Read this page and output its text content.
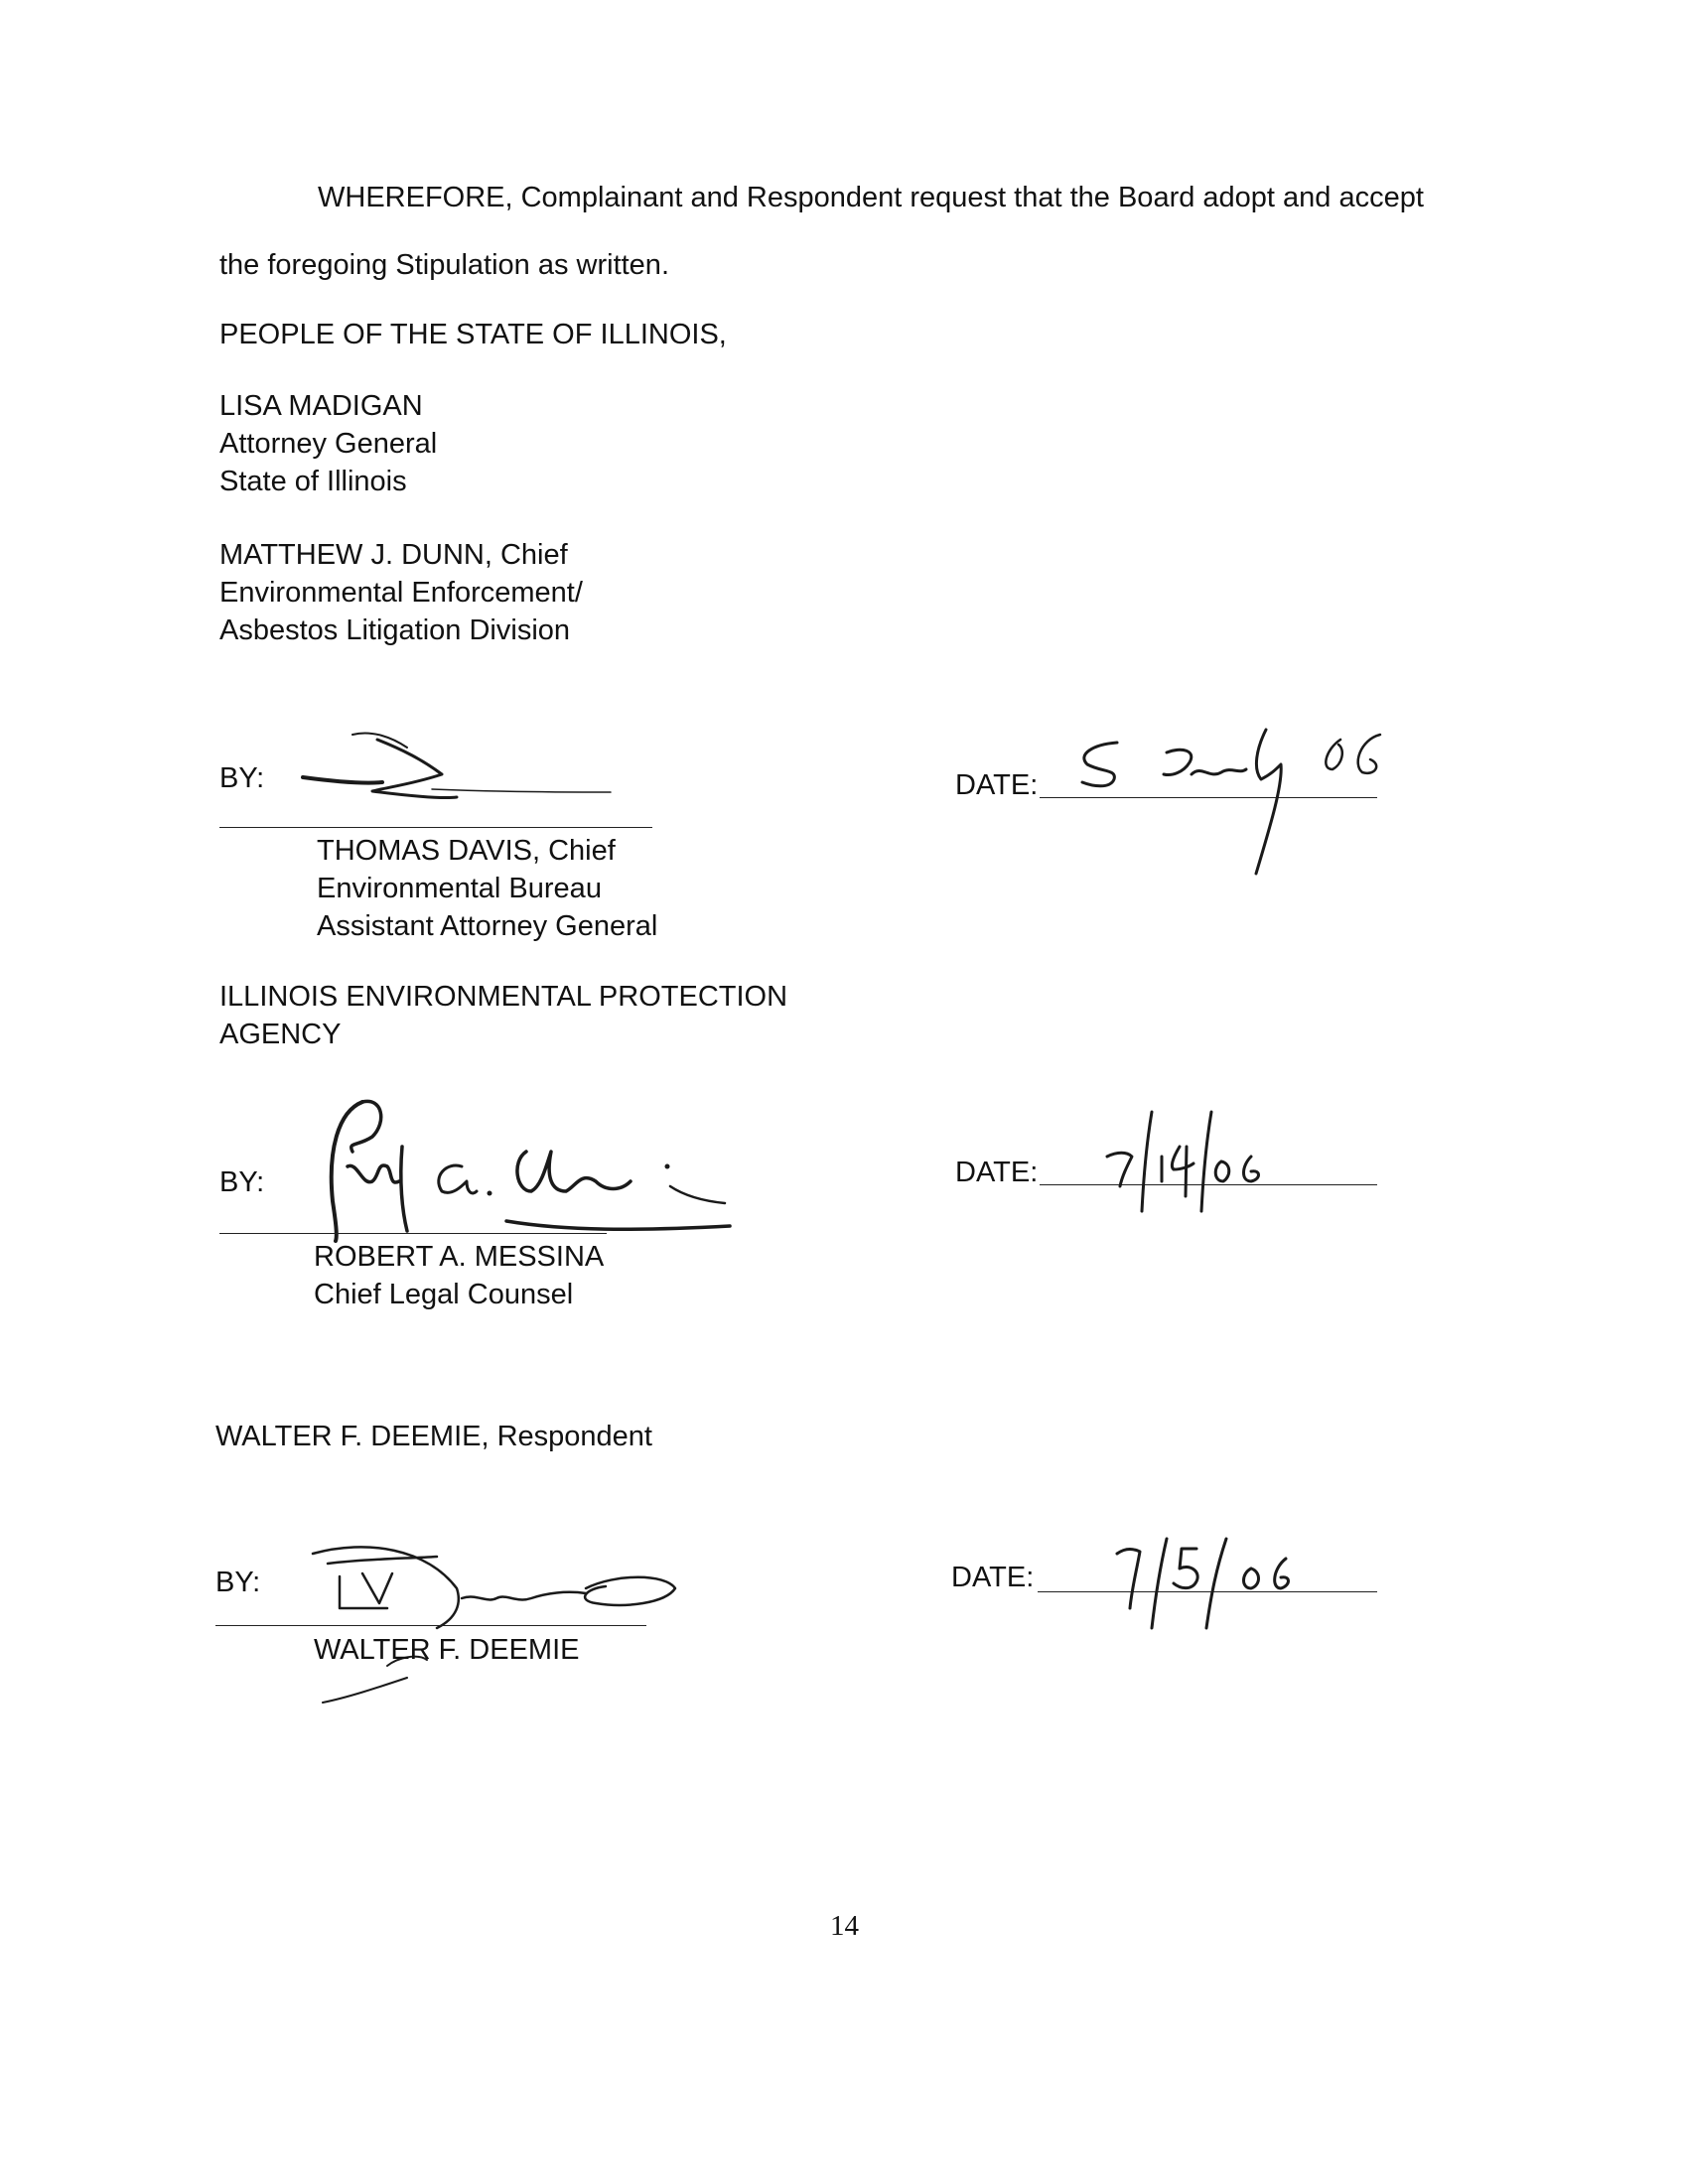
WHEREFORE, Complainant and Respondent request that the Board adopt and accept

the foregoing Stipulation as written.

PEOPLE OF THE STATE OF ILLINOIS,

LISA MADIGAN
Attorney General
State of Illinois
MATTHEW J. DUNN, Chief
Environmental Enforcement/
Asbestos Litigation Division
BY:
THOMAS DAVIS, Chief
Environmental Bureau
Assistant Attorney General
DATE:
ILLINOIS ENVIRONMENTAL PROTECTION
AGENCY
BY:
ROBERT A. MESSINA
Chief Legal Counsel
DATE:

WALTER F. DEEMIE, Respondent

BY:
WALTER F. DEEMIE
DATE:
14
